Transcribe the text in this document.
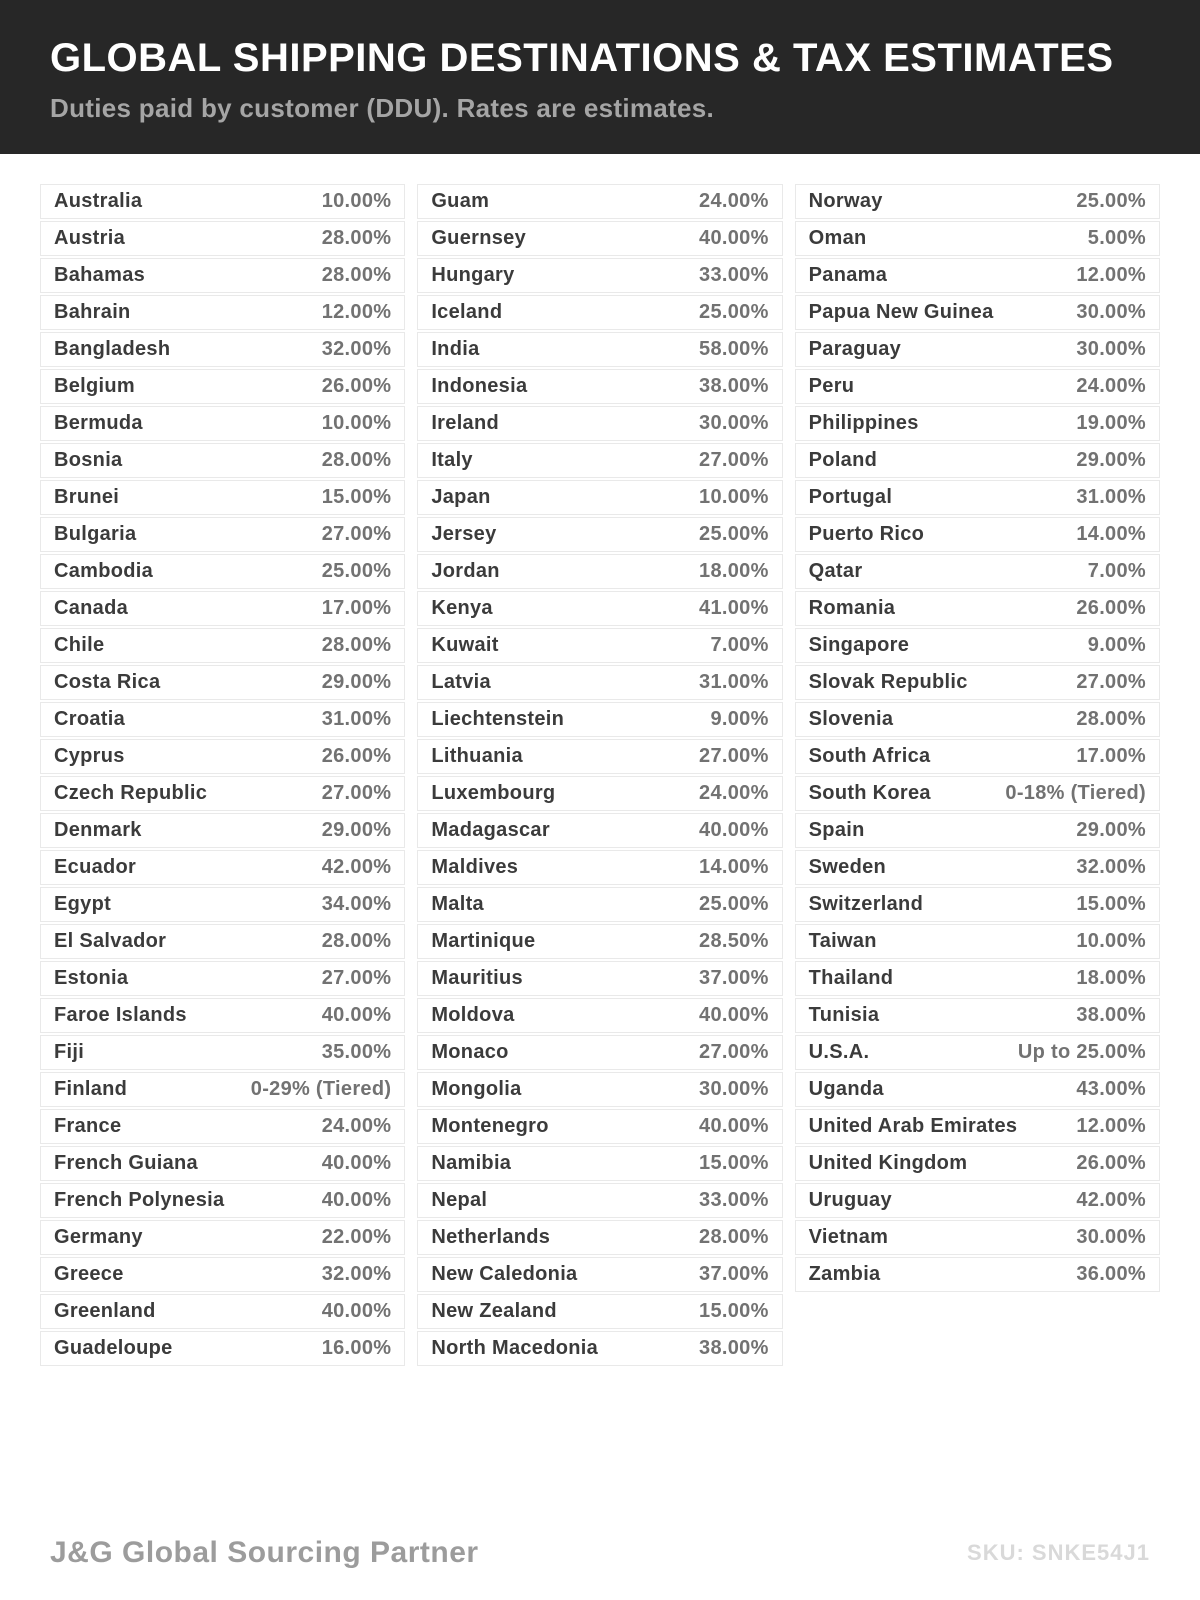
GLOBAL SHIPPING DESTINATIONS & TAX ESTIMATES
Duties paid by customer (DDU). Rates are estimates.
Australia	10.00%
Austria	28.00%
Bahamas	28.00%
Bahrain	12.00%
Bangladesh	32.00%
Belgium	26.00%
Bermuda	10.00%
Bosnia	28.00%
Brunei	15.00%
Bulgaria	27.00%
Cambodia	25.00%
Canada	17.00%
Chile	28.00%
Costa Rica	29.00%
Croatia	31.00%
Cyprus	26.00%
Czech Republic	27.00%
Denmark	29.00%
Ecuador	42.00%
Egypt	34.00%
El Salvador	28.00%
Estonia	27.00%
Faroe Islands	40.00%
Fiji	35.00%
Finland	0-29% (Tiered)
France	24.00%
French Guiana	40.00%
French Polynesia	40.00%
Germany	22.00%
Greece	32.00%
Greenland	40.00%
Guadeloupe	16.00%
Guam	24.00%
Guernsey	40.00%
Hungary	33.00%
Iceland	25.00%
India	58.00%
Indonesia	38.00%
Ireland	30.00%
Italy	27.00%
Japan	10.00%
Jersey	25.00%
Jordan	18.00%
Kenya	41.00%
Kuwait	7.00%
Latvia	31.00%
Liechtenstein	9.00%
Lithuania	27.00%
Luxembourg	24.00%
Madagascar	40.00%
Maldives	14.00%
Malta	25.00%
Martinique	28.50%
Mauritius	37.00%
Moldova	40.00%
Monaco	27.00%
Mongolia	30.00%
Montenegro	40.00%
Namibia	15.00%
Nepal	33.00%
Netherlands	28.00%
New Caledonia	37.00%
New Zealand	15.00%
North Macedonia	38.00%
Norway	25.00%
Oman	5.00%
Panama	12.00%
Papua New Guinea	30.00%
Paraguay	30.00%
Peru	24.00%
Philippines	19.00%
Poland	29.00%
Portugal	31.00%
Puerto Rico	14.00%
Qatar	7.00%
Romania	26.00%
Singapore	9.00%
Slovak Republic	27.00%
Slovenia	28.00%
South Africa	17.00%
South Korea	0-18% (Tiered)
Spain	29.00%
Sweden	32.00%
Switzerland	15.00%
Taiwan	10.00%
Thailand	18.00%
Tunisia	38.00%
U.S.A.	Up to 25.00%
Uganda	43.00%
United Arab Emirates	12.00%
United Kingdom	26.00%
Uruguay	42.00%
Vietnam	30.00%
Zambia	36.00%
J&G Global Sourcing Partner	SKU: SNKE54J1
